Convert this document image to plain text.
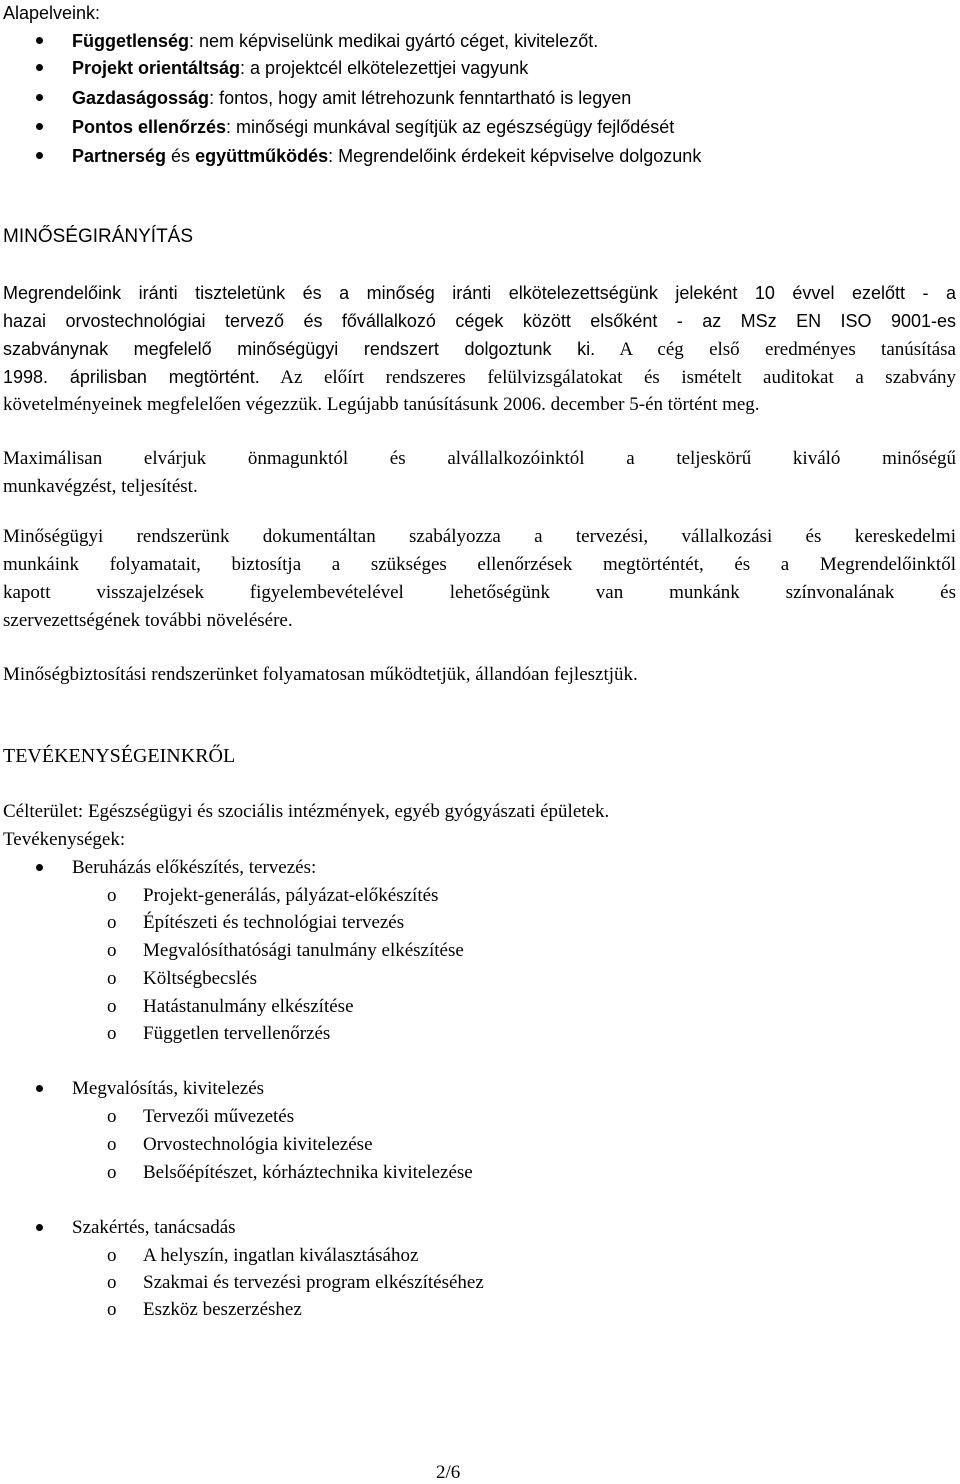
Alapelveink:
Függetlenség: nem képviselünk medikai gyártó céget, kivitelezőt.
Projekt orientáltság: a projektcél elkötelezettjei vagyunk
Gazdaságosság: fontos, hogy amit létrehozunk fenntartható is legyen
Pontos ellenőrzés: minőségi munkával segítjük az egészségügy fejlődését
Partnerség és együttműködés: Megrendelőink érdekeit képviselve dolgozunk
MINŐSÉGIRÁNYÍTÁS
Megrendelőink iránti tiszteletünk és a minőség iránti elkötelezettségünk jeleként 10 évvel ezelőtt - a
hazai orvostechnológiai tervező és fővállalkozó cégek között elsőként - az MSz EN ISO 9001-es
szabványnak megfelelő minőségügyi rendszert dolgoztunk ki. A cég első eredményes tanúsítása
1998. áprilisban megtörtént. Az előírt rendszeres felülvizsgálatokat és ismételt auditokat a szabvány
követelményeinek megfelelően végezzük. Legújabb tanúsításunk 2006. december 5-én történt meg.
Maximálisan elvárjuk önmagunktól és alvállalkozóinktól a teljeskörű kiváló minőségű
munkavégzést, teljesítést.
Minőségügyi rendszerünk dokumentáltan szabályozza a tervezési, vállalkozási és kereskedelmi
munkáink folyamatait, biztosítja a szükséges ellenőrzések megtörténtét, és a Megrendelőinktől
kapott visszajelzések figyelembevételével lehetőségünk van munkánk színvonalának és
szervezettségének további növelésére.
Minőségbiztosítási rendszerünket folyamatosan működtetjük, állandóan fejlesztjük.
TEVÉKENYSÉGEINKRŐL
Célterület: Egészségügyi és szociális intézmények, egyéb gyógyászati épületek.
Tevékenységek:
Beruházás előkészítés, tervezés:
o Projekt-generálás, pályázat-előkészítés
o Építészeti és technológiai tervezés
o Megvalósíthatósági tanulmány elkészítése
o Költségbecslés
o Hatástanulmány elkészítése
o Független tervellenőrzés
Megvalósítás, kivitelezés
o Tervezői művezetés
o Orvostechnológia kivitelezése
o Belsőépítészet, kórháztechnika kivitelezése
Szakértés, tanácsadás
o A helyszín, ingatlan kiválasztásához
o Szakmai és tervezési program elkészítéséhez
o Eszköz beszerzéshez
2/6
